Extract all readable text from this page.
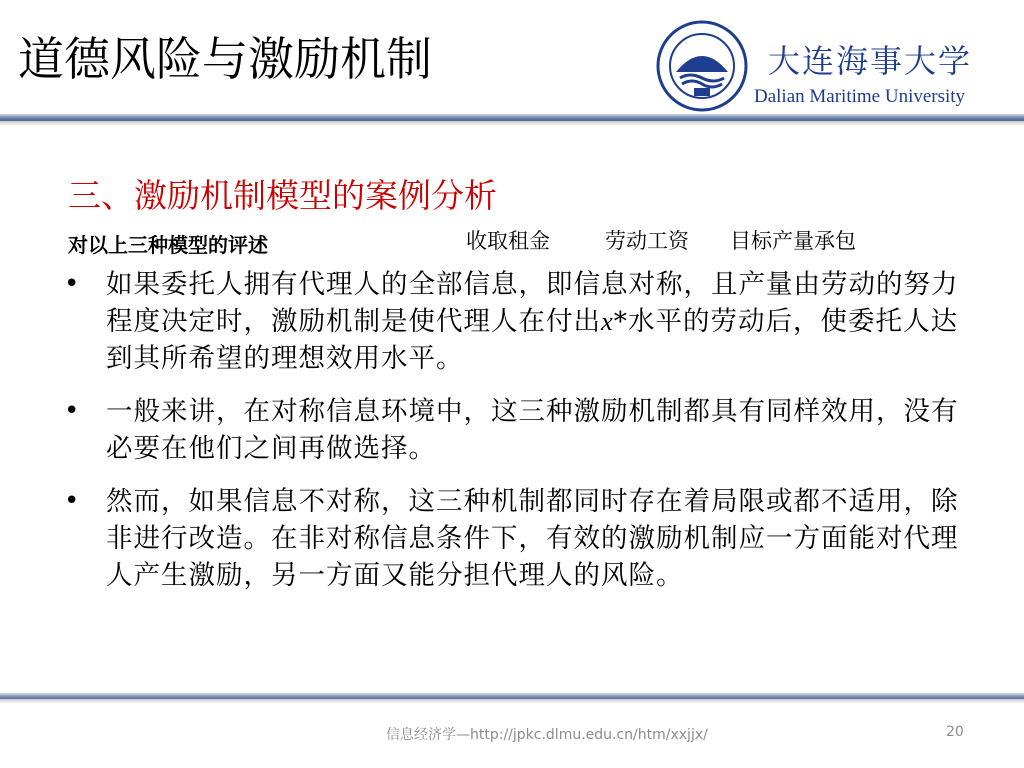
道德风险与激励机制	大连海事大学
Dalian Maritime University
三、激励机制模型的案例分析
对以上三种模型的评述	收取租金	劳动工资 目标产量承包
• 如果委托人拥有代理人的全部信息，即信息对称，且产量由劳动的努力程度决定时，激励机制是使代理人在付出x*水平的劳动后，使委托人达到其所希望的理想效用水平。
• 一般来讲，在对称信息环境中，这三种激励机制都具有同样效用，没有必要在他们之间再做选择。
• 然而，如果信息不对称，这三种机制都同时存在着局限或都不适用，除非进行改造。在非对称信息条件下，有效的激励机制应一方面能对代理人产生激励，另一方面又能分担代理人的风险。
信息经济学—http://jpkc.dlmu.edu.cn/htm/xxjjx/	20
